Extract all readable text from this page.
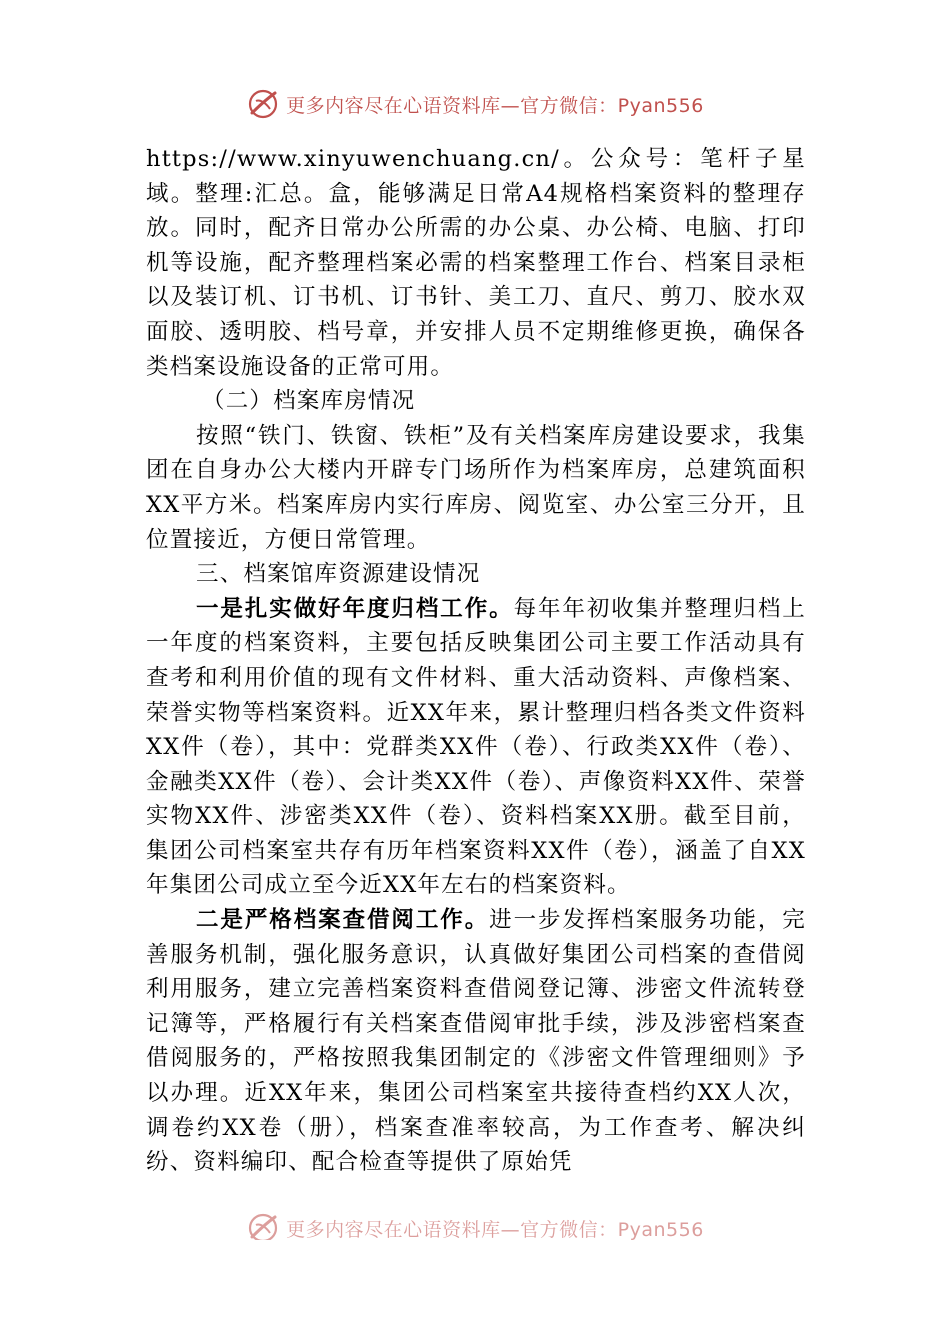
更多内容尽在心语资料库—官方微信：Pyan556

https://www.xinyuwenchuang.cn/。公众号：笔杆子星域。整理:汇总。盒，能够满足日常A4规格档案资料的整理存放。同时，配齐日常办公所需的办公桌、办公椅、电脑、打印机等设施，配齐整理档案必需的档案整理工作台、档案目录柜以及装订机、订书机、订书针、美工刀、直尺、剪刀、胶水双面胶、透明胶、档号章，并安排人员不定期维修更换，确保各类档案设施设备的正常可用。

（二）档案库房情况

按照“铁门、铁窗、铁柜”及有关档案库房建设要求，我集团在自身办公大楼内开辟专门场所作为档案库房，总建筑面积XX平方米。档案库房内实行库房、阅览室、办公室三分开，且位置接近，方便日常管理。

三、档案馆库资源建设情况

一是扎实做好年度归档工作。每年年初收集并整理归档上一年度的档案资料，主要包括反映集团公司主要工作活动具有查考和利用价值的现有文件材料、重大活动资料、声像档案、荣誉实物等档案资料。近XX年来，累计整理归档各类文件资料XX件（卷），其中：党群类XX件（卷）、行政类XX件（卷）、金融类XX件（卷）、会计类XX件（卷）、声像资料XX件、荣誉实物XX件、涉密类XX件（卷）、资料档案XX册。截至目前，集团公司档案室共存有历年档案资料XX件（卷），涵盖了自XX年集团公司成立至今近XX年左右的档案资料。

二是严格档案查借阅工作。进一步发挥档案服务功能，完善服务机制，强化服务意识，认真做好集团公司档案的查借阅利用服务，建立完善档案资料查借阅登记簿、涉密文件流转登记簿等，严格履行有关档案查借阅审批手续，涉及涉密档案查借阅服务的，严格按照我集团制定的《涉密文件管理细则》予以办理。近XX年来，集团公司档案室共接待查档约XX人次，调卷约XX卷（册），档案查准率较高，为工作查考、解决纠纷、资料编印、配合检查等提供了原始凭

更多内容尽在心语资料库—官方微信：Pyan556
